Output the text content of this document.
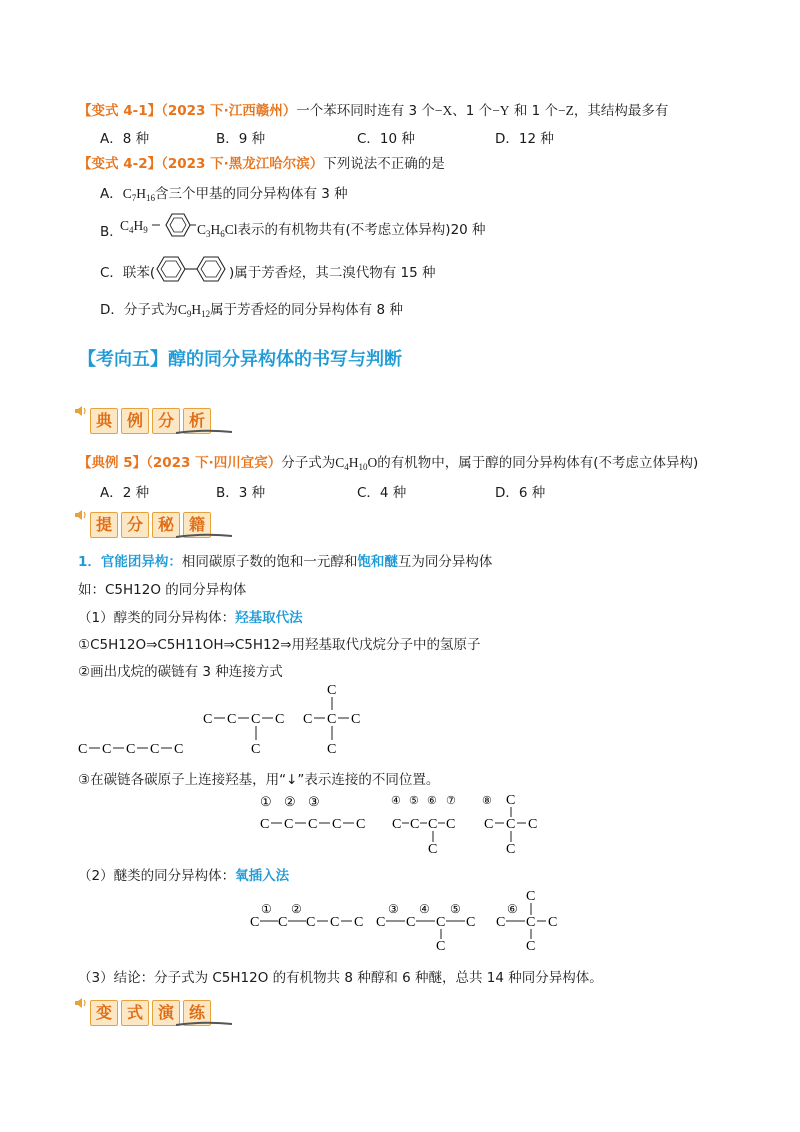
【变式 4-1】（2023 下·江西赣州）一个苯环同时连有 3 个−X、1 个−Y 和 1 个−Z，其结构最多有
A．8 种	B．9 种	C．10 种	D．12 种
【变式 4-2】（2023 下·黑龙江哈尔滨）下列说法不正确的是
A．$C_7H_{16}$含三个甲基的同分异构体有 3 种
B．
$C_4H_9$	$C_3H_6Cl$表示的有机物共有(不考虑立体异构)20 种
C．联苯(	)属于芳香烃，其二溴代物有 15 种
D．分子式为$C_9H_{12}$属于芳香烃的同分异构体有 8 种
【考向五】醇的同分异构体的书写与判断
典 例 分 析
【典例 5】（2023 下·四川宜宾）分子式为$C_4H_{10}O$的有机物中，属于醇的同分异构体有(不考虑立体异构)
A．2 种	B．3 种	C．4 种	D．6 种
提 分 秘 籍
1．官能团异构：相同碳原子数的饱和一元醇和饱和醚互为同分异构体
如：C5H12O 的同分异构体
（1）醇类的同分异构体：羟基取代法
①C5H12O⇒C5H11OH⇒C5H12⇒用羟基取代戊烷分子中的氢原子
②画出戊烷的碳链有 3 种连接方式
C C C C C
C C C C
C
C
C C C
C
③在碳链各碳原子上连接羟基，用“↓”表示连接的不同位置。
① ② ③
C C C C C
④ ⑤ ⑥ ⑦
C C C C
C
⑧ C
C C C
C
（2）醚类的同分异构体：氧插入法
① ②
C C C C C
③ ④ ⑤
C C C C
C
⑥
C
C C C
C
（3）结论：分子式为 C5H12O 的有机物共 8 种醇和 6 种醚，总共 14 种同分异构体。
变 式 演 练
